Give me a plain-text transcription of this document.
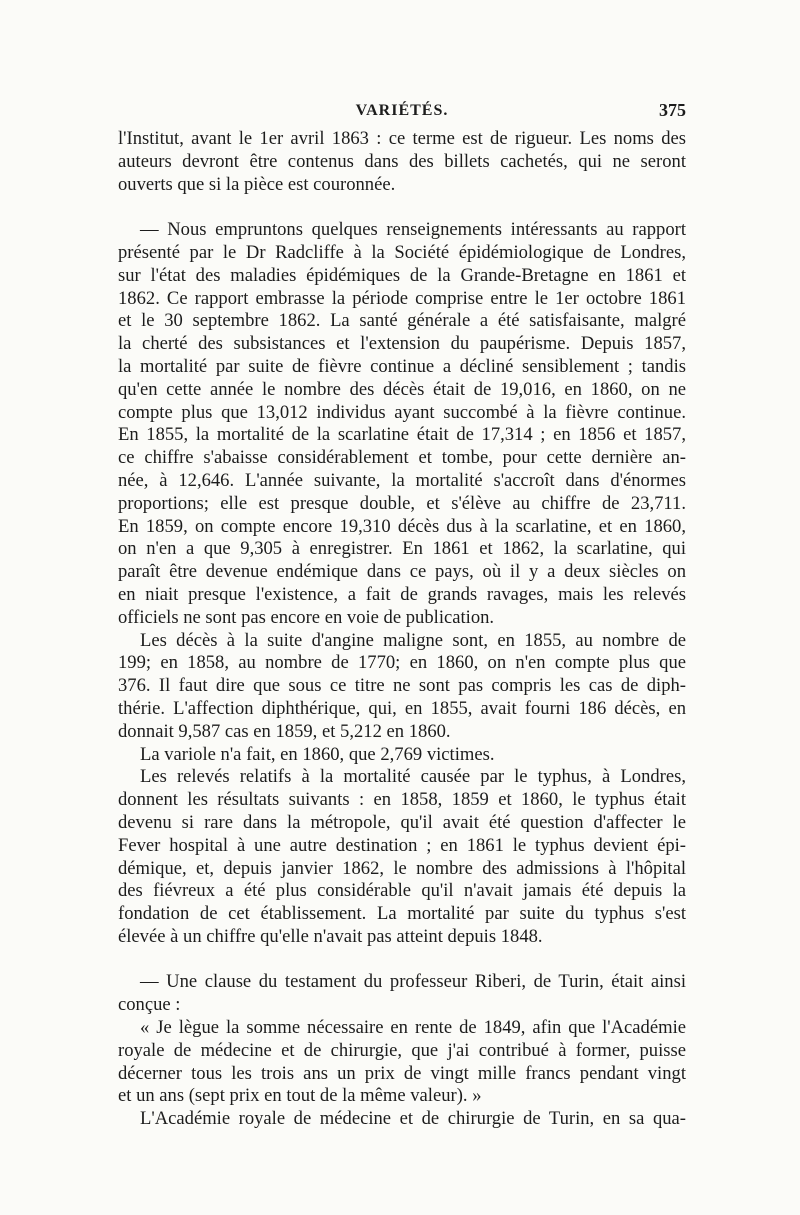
VARIÉTÉS.	375
l'Institut, avant le 1er avril 1863 : ce terme est de rigueur. Les noms des
auteurs devront être contenus dans des billets cachetés, qui ne seront
ouverts que si la pièce est couronnée.
— Nous empruntons quelques renseignements intéressants au rapport
présenté par le Dr Radcliffe à la Société épidémiologique de Londres,
sur l'état des maladies épidémiques de la Grande-Bretagne en 1861 et
1862. Ce rapport embrasse la période comprise entre le 1er octobre 1861
et le 30 septembre 1862. La santé générale a été satisfaisante, malgré
la cherté des subsistances et l'extension du paupérisme. Depuis 1857,
la mortalité par suite de fièvre continue a décliné sensiblement ; tandis
qu'en cette année le nombre des décès était de 19,016, en 1860, on ne
compte plus que 13,012 individus ayant succombé à la fièvre continue.
En 1855, la mortalité de la scarlatine était de 17,314 ; en 1856 et 1857,
ce chiffre s'abaisse considérablement et tombe, pour cette dernière an-
née, à 12,646. L'année suivante, la mortalité s'accroît dans d'énormes
proportions; elle est presque double, et s'élève au chiffre de 23,711.
En 1859, on compte encore 19,310 décès dus à la scarlatine, et en 1860,
on n'en a que 9,305 à enregistrer. En 1861 et 1862, la scarlatine, qui
paraît être devenue endémique dans ce pays, où il y a deux siècles on
en niait presque l'existence, a fait de grands ravages, mais les relevés
officiels ne sont pas encore en voie de publication.
Les décès à la suite d'angine maligne sont, en 1855, au nombre de
199; en 1858, au nombre de 1770; en 1860, on n'en compte plus que
376. Il faut dire que sous ce titre ne sont pas compris les cas de diph-
thérie. L'affection diphthérique, qui, en 1855, avait fourni 186 décès, en
donnait 9,587 cas en 1859, et 5,212 en 1860.
La variole n'a fait, en 1860, que 2,769 victimes.
Les relevés relatifs à la mortalité causée par le typhus, à Londres,
donnent les résultats suivants : en 1858, 1859 et 1860, le typhus était
devenu si rare dans la métropole, qu'il avait été question d'affecter le
Fever hospital à une autre destination ; en 1861 le typhus devient épi-
démique, et, depuis janvier 1862, le nombre des admissions à l'hôpital
des fiévreux a été plus considérable qu'il n'avait jamais été depuis la
fondation de cet établissement. La mortalité par suite du typhus s'est
élevée à un chiffre qu'elle n'avait pas atteint depuis 1848.
— Une clause du testament du professeur Riberi, de Turin, était ainsi
conçue :
« Je lègue la somme nécessaire en rente de 1849, afin que l'Académie
royale de médecine et de chirurgie, que j'ai contribué à former, puisse
décerner tous les trois ans un prix de vingt mille francs pendant vingt
et un ans (sept prix en tout de la même valeur). »
L'Académie royale de médecine et de chirurgie de Turin, en sa qua-
